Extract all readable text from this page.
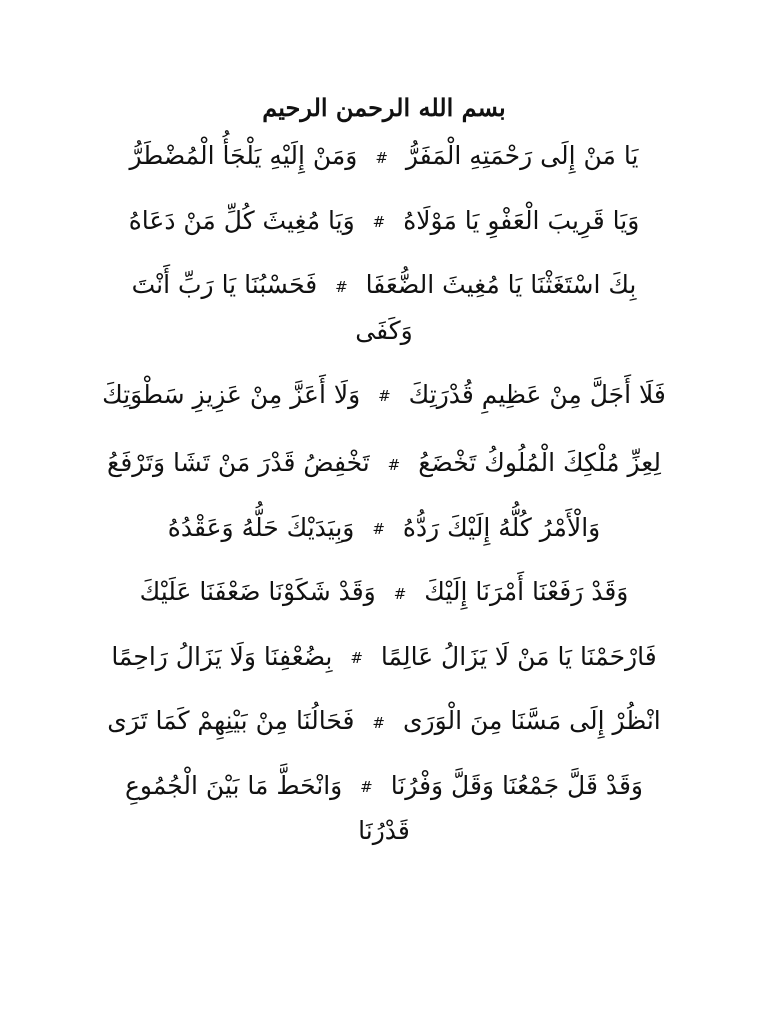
بسم الله الرحمن الرحيم
يَا مَنْ إِلَى رَحْمَتِهِ الْمَفَرُّ # وَمَنْ إِلَيْهِ يَلْجَأُ الْمُضْطَرُّ
وَيَا قَرِيبَ الْعَفْوِ يَا مَوْلَاهُ # وَيَا مُغِيثَ كُلِّ مَنْ دَعَاهُ
بِكَ اسْتَغَثْنَا يَا مُغِيثَ الضُّعَفَا # فَحَسْبُنَا يَا رَبِّ أَنْتَ وَكَفَى
فَلَا أَجَلَّ مِنْ عَظِيمِ قُدْرَتِكَ # وَلَا أَعَزَّ مِنْ عَزِيزِ سَطْوَتِكَ
لِعِزِّ مُلْكِكَ الْمُلُوكُ تَخْضَعُ # تَخْفِضُ قَدْرَ مَنْ تَشَا وَتَرْفَعُ
وَالْأَمْرُ كُلُّهُ إِلَيْكَ رَدُّهُ # وَبِيَدَيْكَ حَلُّهُ وَعَقْدُهُ
وَقَدْ رَفَعْنَا أَمْرَنَا إِلَيْكَ # وَقَدْ شَكَوْنَا ضَعْفَنَا عَلَيْكَ
فَارْحَمْنَا يَا مَنْ لَا يَزَالُ عَالِمًا # بِضُعْفِنَا وَلَا يَزَالُ رَاحِمًا
انْظُرْ إِلَى مَسَّنَا مِنَ الْوَرَى # فَحَالُنَا مِنْ بَيْنِهِمْ كَمَا تَرَى
وَقَدْ قَلَّ جَمْعُنَا وَقَلَّ وَفْرُنَا # وَانْحَطَّ مَا بَيْنَ الْجُمُوعِ قَدْرُنَا
